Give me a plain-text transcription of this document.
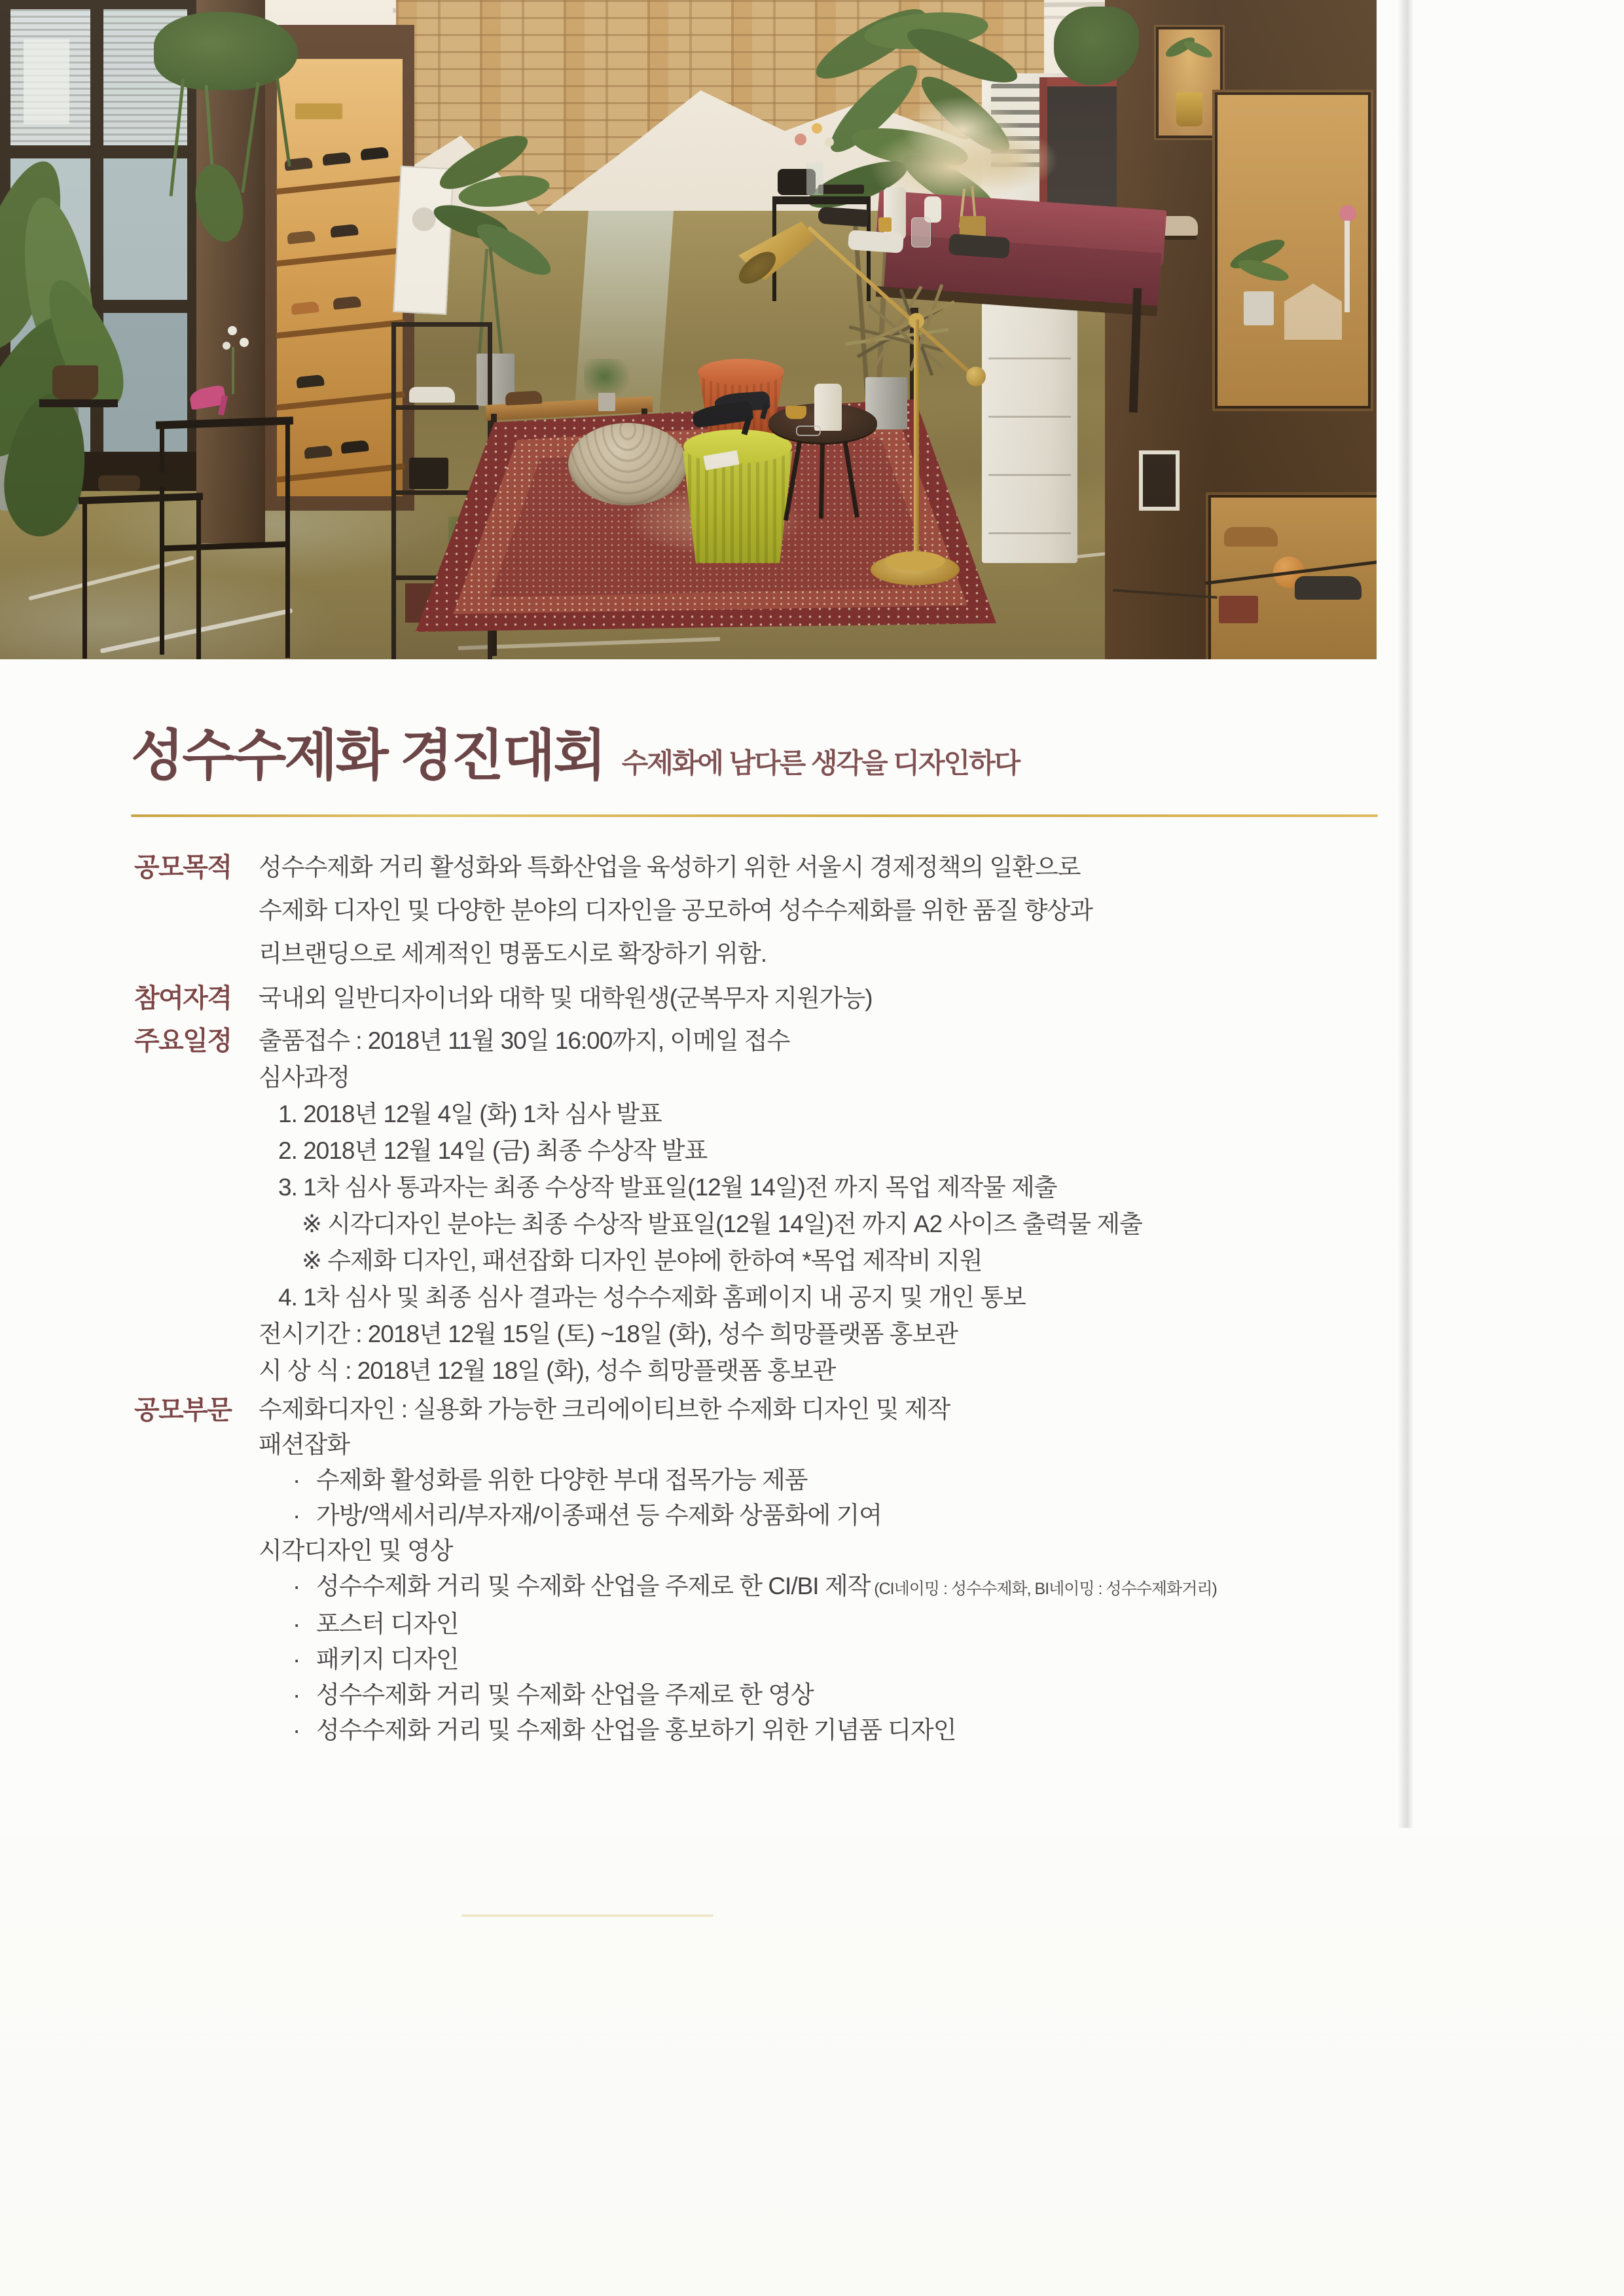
성수수제화 경진대회 수제화에 남다른 생각을 디자인하다
공모목적	성수수제화 거리 활성화와 특화산업을 육성하기 위한 서울시 경제정책의 일환으로
수제화 디자인 및 다양한 분야의 디자인을 공모하여 성수수제화를 위한 품질 향상과
리브랜딩으로 세계적인 명품도시로 확장하기 위함.
참여자격	국내외 일반디자이너와 대학 및 대학원생(군복무자 지원가능)
주요일정	출품접수 : 2018년 11월 30일 16:00까지, 이메일 접수
심사과정
1. 2018년 12월 4일 (화) 1차 심사 발표
2. 2018년 12월 14일 (금) 최종 수상작 발표
3. 1차 심사 통과자는 최종 수상작 발표일(12월 14일)전 까지 목업 제작물 제출
※ 시각디자인 분야는 최종 수상작 발표일(12월 14일)전 까지 A2 사이즈 출력물 제출
※ 수제화 디자인, 패션잡화 디자인 분야에 한하여 *목업 제작비 지원
4. 1차 심사 및 최종 심사 결과는 성수수제화 홈페이지 내 공지 및 개인 통보
전시기간 : 2018년 12월 15일 (토) ~18일 (화), 성수 희망플랫폼 홍보관
시 상 식 : 2018년 12월 18일 (화), 성수 희망플랫폼 홍보관
공모부문	수제화디자인 : 실용화 가능한 크리에이티브한 수제화 디자인 및 제작
패션잡화
· 수제화 활성화를 위한 다양한 부대 접목가능 제품
· 가방/액세서리/부자재/이종패션 등 수제화 상품화에 기여
시각디자인 및 영상
· 성수수제화 거리 및 수제화 산업을 주제로 한 CI/BI 제작 (CI네이밍 : 성수수제화, BI네이밍 : 성수수제화거리)
· 포스터 디자인
· 패키지 디자인
· 성수수제화 거리 및 수제화 산업을 주제로 한 영상
· 성수수제화 거리 및 수제화 산업을 홍보하기 위한 기념품 디자인
